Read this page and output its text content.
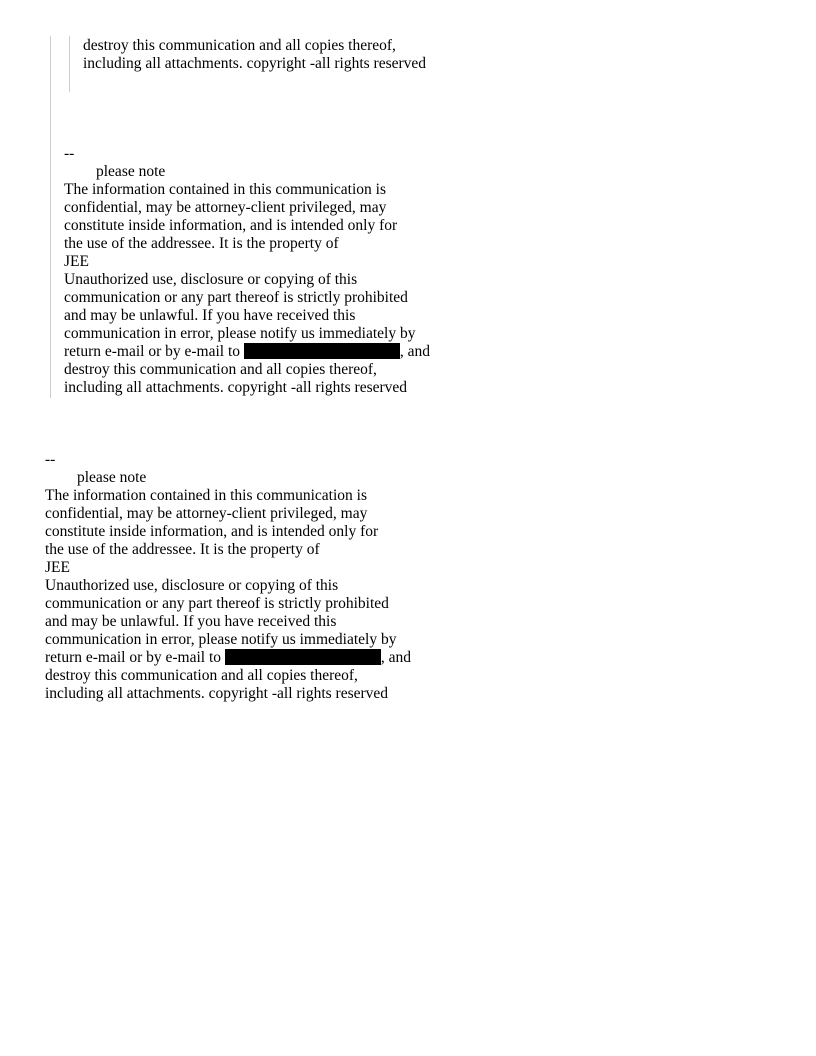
destroy this communication and all copies thereof,
including all attachments. copyright -all rights reserved
--
please note
The information contained in this communication is
confidential, may be attorney-client privileged, may
constitute inside information, and is intended only for
the use of the addressee. It is the property of
JEE
Unauthorized use, disclosure or copying of this
communication or any part thereof is strictly prohibited
and may be unlawful. If you have received this
communication in error, please notify us immediately by
return e-mail or by e-mail to	, and
destroy this communication and all copies thereof,
including all attachments. copyright -all rights reserved
--
please note
The information contained in this communication is
confidential, may be attorney-client privileged, may
constitute inside information, and is intended only for
the use of the addressee. It is the property of
JEE
Unauthorized use, disclosure or copying of this
communication or any part thereof is strictly prohibited
and may be unlawful. If you have received this
communication in error, please notify us immediately by
return e-mail or by e-mail to	, and
destroy this communication and all copies thereof,
including all attachments. copyright -all rights reserved
